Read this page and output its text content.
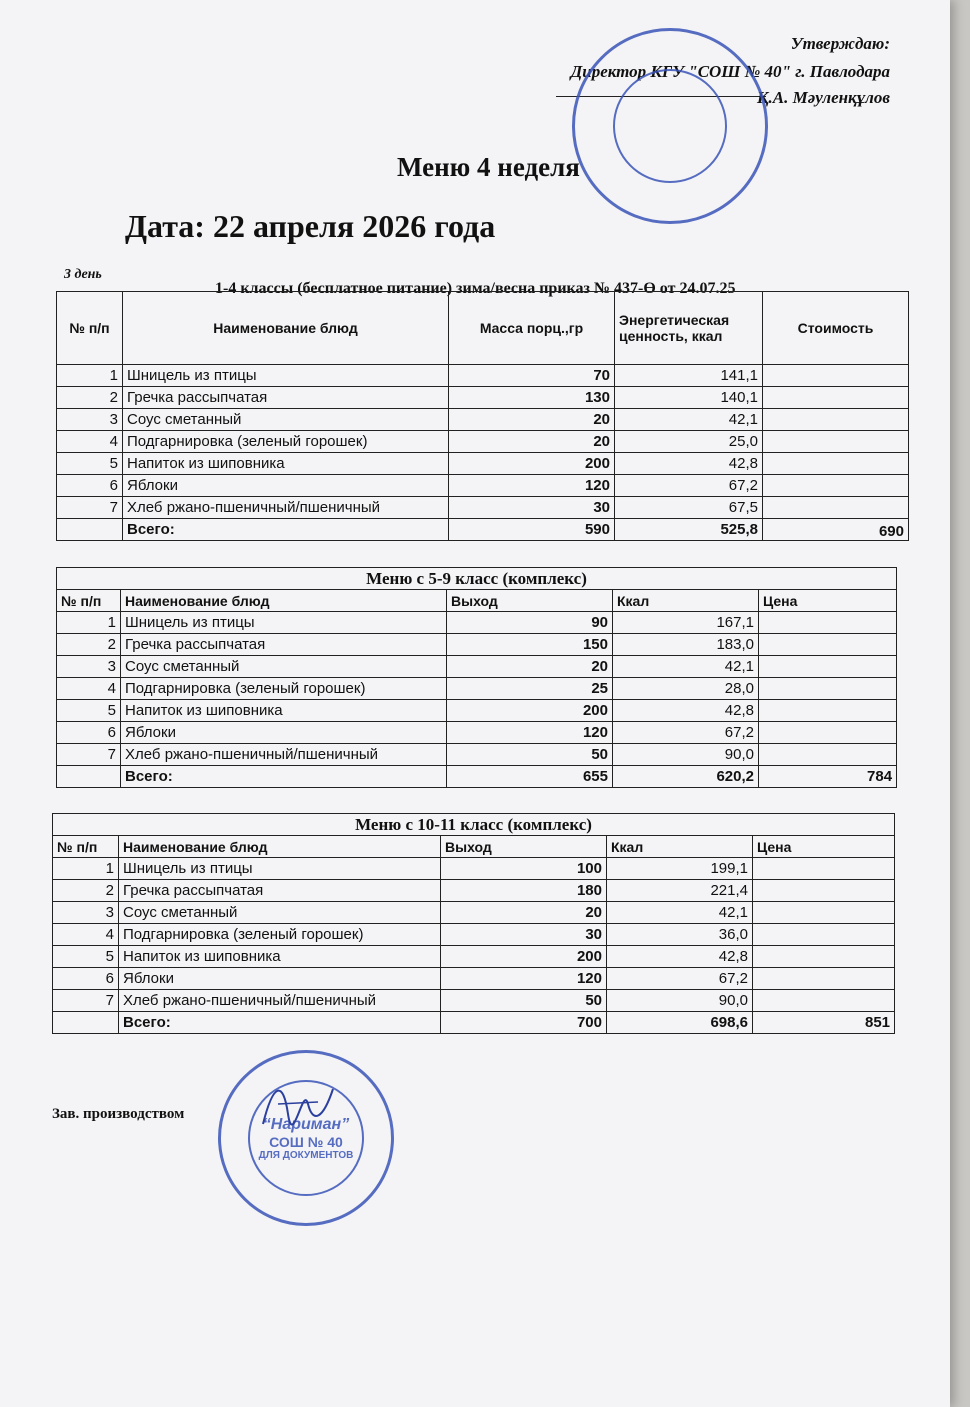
Утверждаю:
Директор КГУ "СОШ № 40" г. Павлодара
Қ.А. Мәуленқұлов
Меню 4 неделя
Дата: 22 апреля 2026 года
3 день
1-4 классы (бесплатное питание) зима/весна приказ № 437-Ө от 24.07.25
№ п/п	Наименование блюд	Масса порц.,гр	Энергетическая ценность, ккал	Стоимость
1	Шницель из птицы	70	141,1	
2	Гречка рассыпчатая	130	140,1	
3	Соус сметанный	20	42,1	
4	Подгарнировка (зеленый горошек)	20	25,0	
5	Напиток из шиповника	200	42,8	
6	Яблоки	120	67,2	
7	Хлеб ржано-пшеничный/пшеничный	30	67,5	
	Всего:	590	525,8	690
Меню с 5-9 класс (комплекс)				
№ п/п	Наименование блюд	Выход	Ккал	Цена
1	Шницель из птицы	90	167,1	
2	Гречка рассыпчатая	150	183,0	
3	Соус сметанный	20	42,1	
4	Подгарнировка (зеленый горошек)	25	28,0	
5	Напиток из шиповника	200	42,8	
6	Яблоки	120	67,2	
7	Хлеб ржано-пшеничный/пшеничный	50	90,0	
	Всего:	655	620,2	784
Меню с 10-11 класс (комплекс)				
№ п/п	Наименование блюд	Выход	Ккал	Цена
1	Шницель из птицы	100	199,1	
2	Гречка рассыпчатая	180	221,4	
3	Соус сметанный	20	42,1	
4	Подгарнировка (зеленый горошек)	30	36,0	
5	Напиток из шиповника	200	42,8	
6	Яблоки	120	67,2	
7	Хлеб ржано-пшеничный/пшеничный	50	90,0	
	Всего:	700	698,6	851
Зав. производством
“Нариман”
СОШ № 40
ДЛЯ ДОКУМЕНТОВ
